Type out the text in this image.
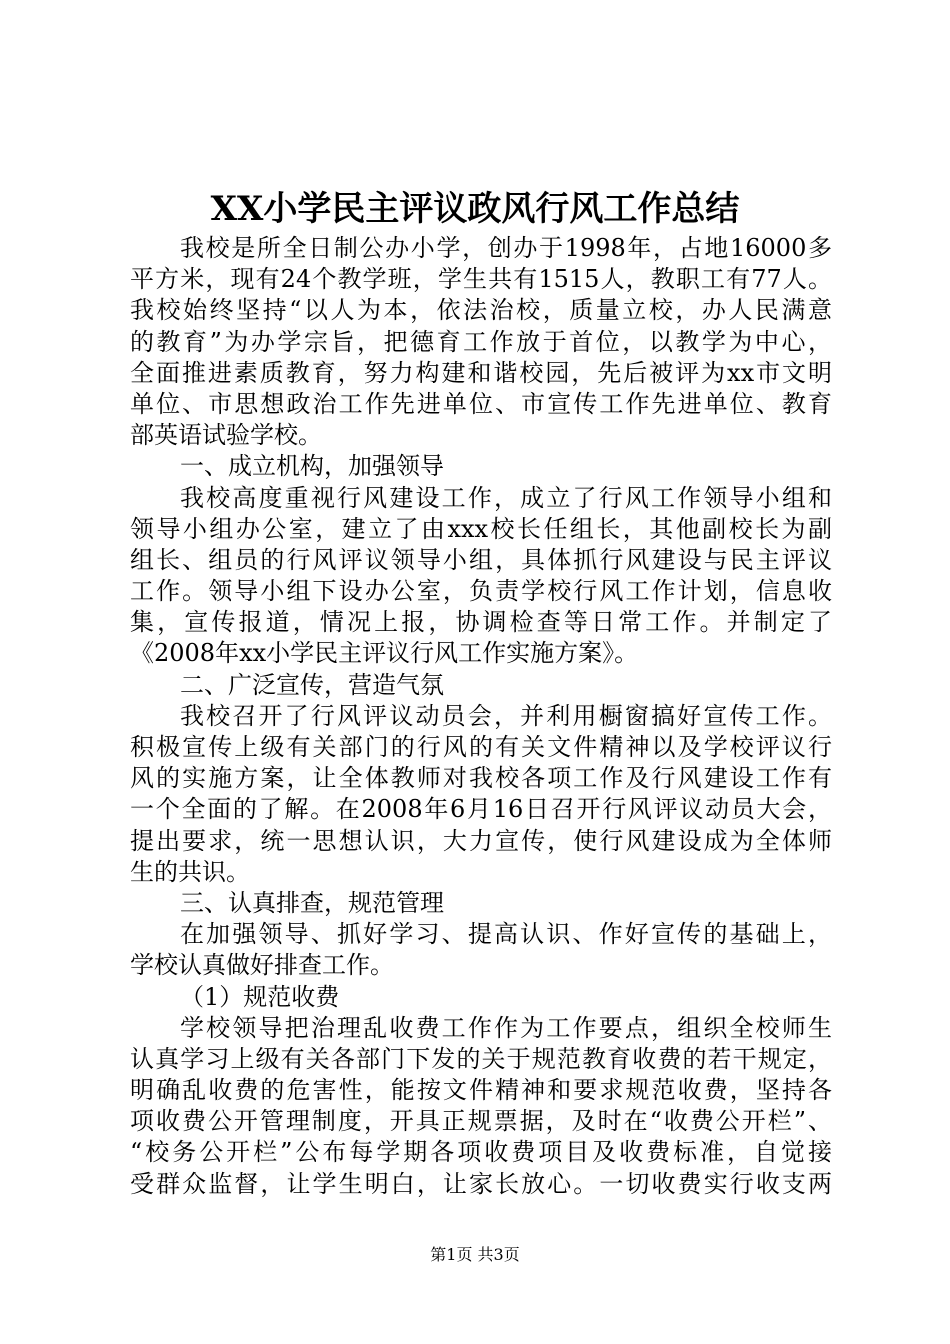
XX小学民主评议政风行风工作总结
我校是所全日制公办小学，创办于1998年，占地16000多
平方米，现有24个教学班，学生共有1515人，教职工有77人。
我校始终坚持“以人为本，依法治校，质量立校，办人民满意
的教育”为办学宗旨，把德育工作放于首位，以教学为中心，
全面推进素质教育，努力构建和谐校园，先后被评为xx市文明
单位、市思想政治工作先进单位、市宣传工作先进单位、教育
部英语试验学校。
一、成立机构，加强领导
我校高度重视行风建设工作，成立了行风工作领导小组和
领导小组办公室，建立了由xxx校长任组长，其他副校长为副
组长、组员的行风评议领导小组，具体抓行风建设与民主评议
工作。领导小组下设办公室，负责学校行风工作计划，信息收
集，宣传报道，情况上报，协调检查等日常工作。并制定了
《2008年xx小学民主评议行风工作实施方案》。
二、广泛宣传，营造气氛
我校召开了行风评议动员会，并利用橱窗搞好宣传工作。
积极宣传上级有关部门的行风的有关文件精神以及学校评议行
风的实施方案，让全体教师对我校各项工作及行风建设工作有
一个全面的了解。在2008年6月16日召开行风评议动员大会，
提出要求，统一思想认识，大力宣传，使行风建设成为全体师
生的共识。
三、认真排查，规范管理
在加强领导、抓好学习、提高认识、作好宣传的基础上，
学校认真做好排查工作。
（1）规范收费
学校领导把治理乱收费工作作为工作要点，组织全校师生
认真学习上级有关各部门下发的关于规范教育收费的若干规定，
明确乱收费的危害性，能按文件精神和要求规范收费，坚持各
项收费公开管理制度，开具正规票据，及时在“收费公开栏”、
“校务公开栏”公布每学期各项收费项目及收费标准，自觉接
受群众监督，让学生明白，让家长放心。一切收费实行收支两
第1页 共3页
